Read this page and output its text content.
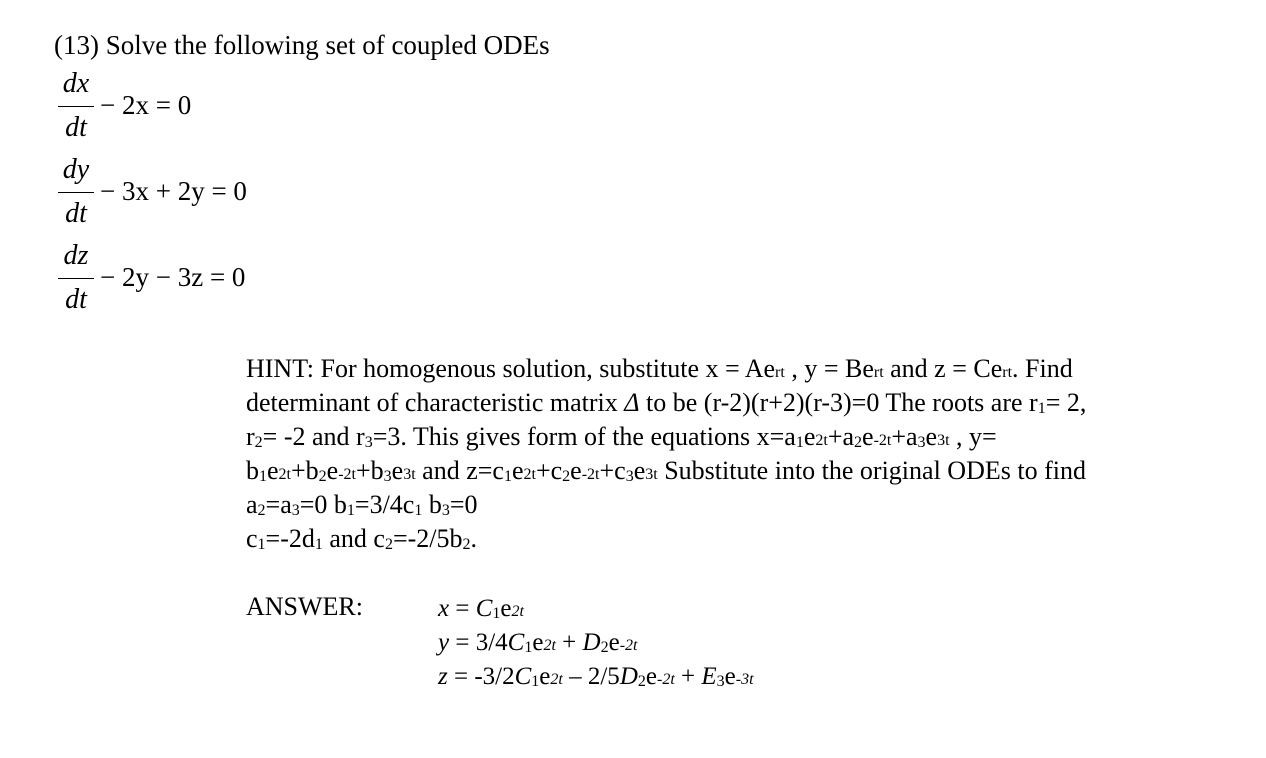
(13) Solve the following set of coupled ODEs
dx
dt
− 2x = 0
dy
dt
− 3x + 2y = 0
dz
dt
− 2y − 3z = 0
HINT: For homogenous solution, substitute x = Aert , y = Bert and z = Cert. Find
determinant of characteristic matrix Δ to be (r-2)(r+2)(r-3)=0 The roots are r1= 2,
r2= -2 and r3=3. This gives form of the equations x=a1e2t+a2e-2t+a3e3t , y=
b1e2t+b2e-2t+b3e3t and z=c1e2t+c2e-2t+c3e3t Substitute into the original ODEs to find
a2=a3=0 b1=3/4c1 b3=0
c1=-2d1 and c2=-2/5b2.
ANSWER:	x = C1e2t
y = 3/4C1e2t + D2e-2t
z = -3/2C1e2t – 2/5D2e-2t + E3e-3t
